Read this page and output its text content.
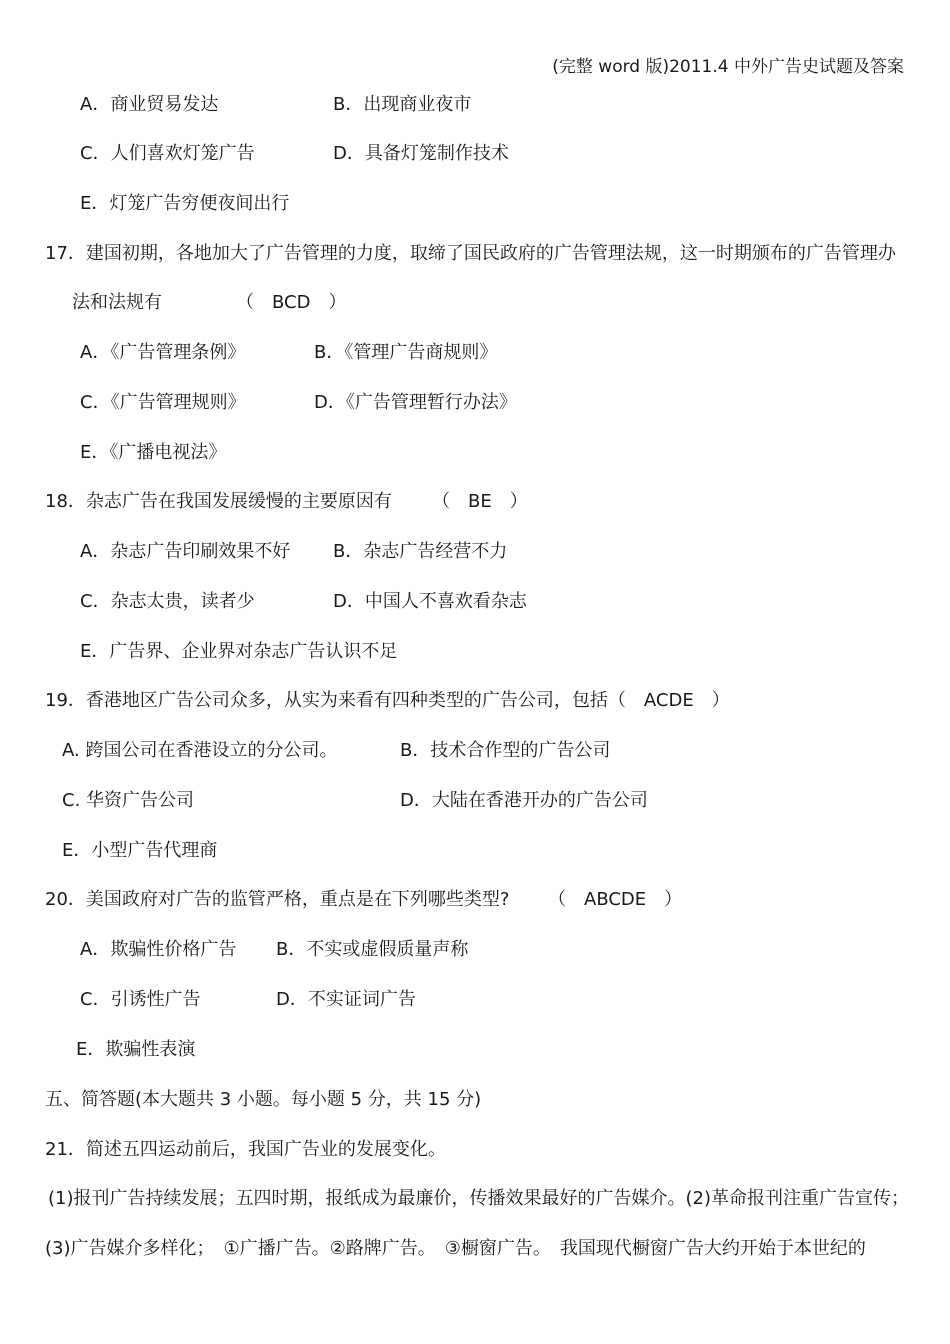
(完整 word 版)2011.4 中外广告史试题及答案
A．商业贸易发达	B．出现商业夜市
C．人们喜欢灯笼广告	D．具备灯笼制作技术
E．灯笼广告穷便夜间出行
17．建国初期，各地加大了广告管理的力度，取缔了国民政府的广告管理法规，这一时期颁布的广告管理办
法和法规有	（　BCD　）
A．《广告管理条例》	B．《管理广告商规则》
C．《广告管理规则》	D．《广告管理暂行办法》
E．《广播电视法》
18．杂志广告在我国发展缓慢的主要原因有 （　BE　）
A．杂志广告印刷效果不好 B．杂志广告经营不力
C．杂志太贵，读者少	D．中国人不喜欢看杂志
E．广告界、企业界对杂志广告认识不足
19．香港地区广告公司众多，从实为来看有四种类型的广告公司，包括（　ACDE　）
A. 跨国公司在香港设立的分公司。	B．技术合作型的广告公司
C. 华资广告公司	D．大陆在香港开办的广告公司
E．小型广告代理商
20．美国政府对广告的监管严格，重点是在下列哪些类型? （　ABCDE　）
A．欺骗性价格广告 B．不实或虚假质量声称
C．引诱性广告	D．不实证词广告
E．欺骗性表演
五、简答题(本大题共 3 小题。每小题 5 分，共 15 分)
21．简述五四运动前后，我国广告业的发展变化。
(1)报刊广告持续发展；五四时期，报纸成为最廉价，传播效果最好的广告媒介。(2)革命报刊注重广告宣传；
(3)广告媒介多样化；　①广播广告。②路牌广告。　③橱窗广告。　我国现代橱窗广告大约开始于本世纪的
